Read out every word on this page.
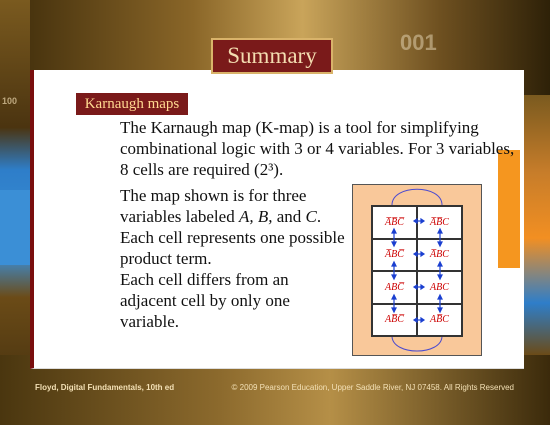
100
001
Summary
Karnaugh maps
The Karnaugh map (K-map) is a tool for simplifying combinational logic with 3 or 4 variables. For 3 variables, 8 cells are required (2³).
The map shown is for three variables labeled A, B, and C. Each cell represents one possible product term.
Each cell differs from an adjacent cell by only one variable.
A̅B̅C̅	A̅B̅C
A̅BC̅	A̅BC
ABC̅	ABC
AB̅C̅	AB̅C
Floyd, Digital Fundamentals, 10th ed	© 2009 Pearson Education, Upper Saddle River, NJ 07458. All Rights Reserved
